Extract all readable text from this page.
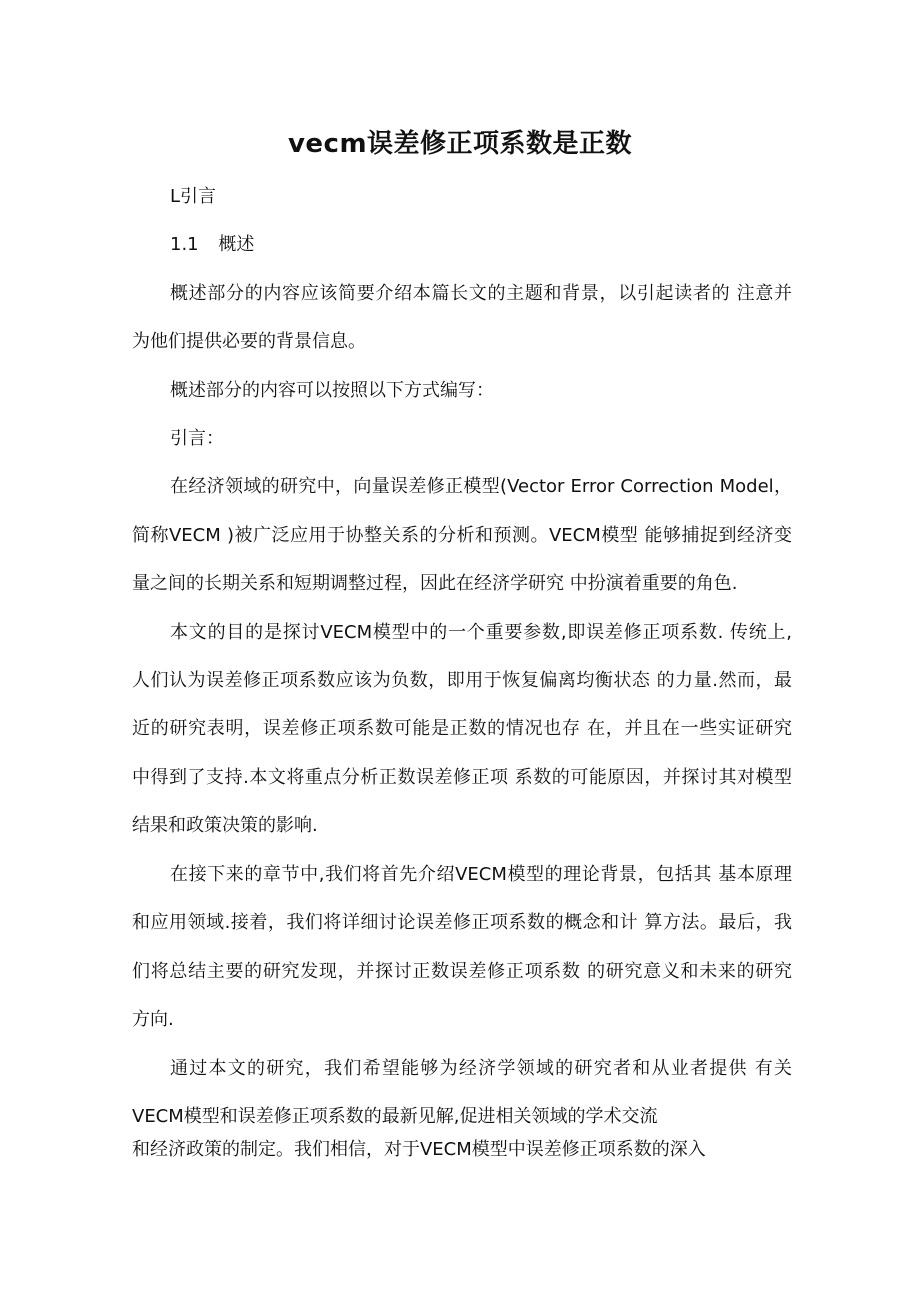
vecm误差修正项系数是正数
L引言
1.1 概述
概述部分的内容应该简要介绍本篇长文的主题和背景，以引起读者的 注意并
为他们提供必要的背景信息。
概述部分的内容可以按照以下方式编写：
引言：
在经济领域的研究中，向量误差修正模型(Vector Error Correction Model，
简称VECM )被广泛应用于协整关系的分析和预测。VECM模型 能够捕捉到经济变
量之间的长期关系和短期调整过程，因此在经济学研究 中扮演着重要的角色.
本文的目的是探讨VECM模型中的一个重要参数,即误差修正项系数. 传统上,
人们认为误差修正项系数应该为负数，即用于恢复偏离均衡状态 的力量.然而，最
近的研究表明，误差修正项系数可能是正数的情况也存 在，并且在一些实证研究
中得到了支持.本文将重点分析正数误差修正项 系数的可能原因，并探讨其对模型
结果和政策决策的影响.
在接下来的章节中,我们将首先介绍VECM模型的理论背景，包括其 基本原理
和应用领域.接着，我们将详细讨论误差修正项系数的概念和计 算方法。最后，我
们将总结主要的研究发现，并探讨正数误差修正项系数 的研究意义和未来的研究
方向.
通过本文的研究，我们希望能够为经济学领域的研究者和从业者提供 有关
VECM模型和误差修正项系数的最新见解,促进相关领域的学术交流
和经济政策的制定。我们相信，对于VECM模型中误差修正项系数的深入
